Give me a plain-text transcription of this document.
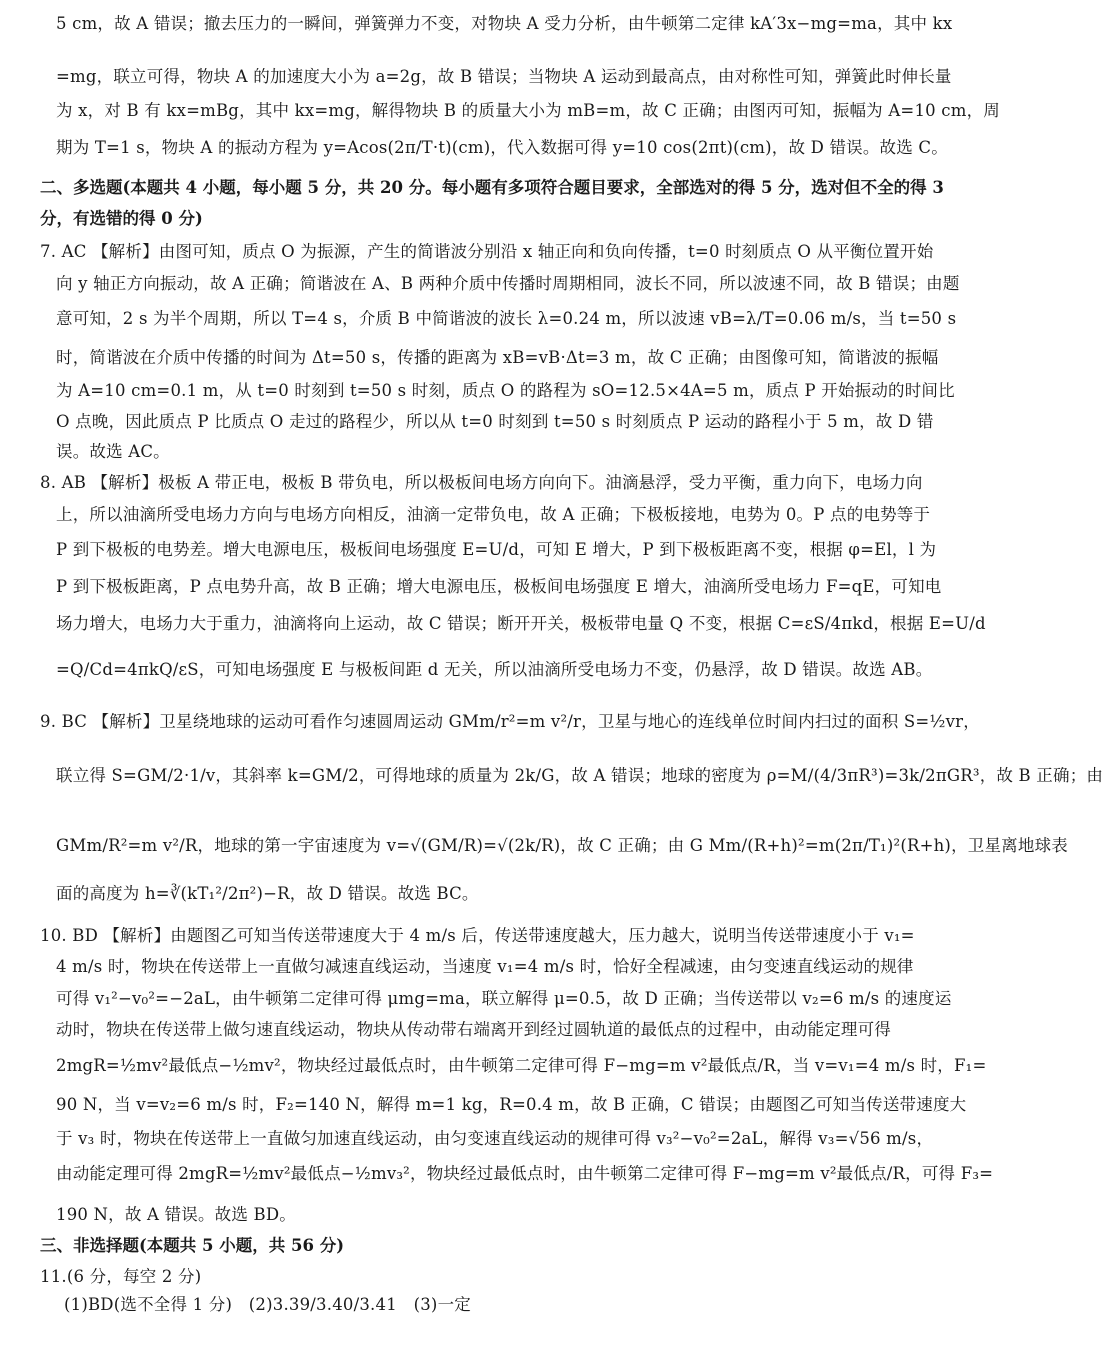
5 cm，故 A 错误；撤去压力的一瞬间，弹簧弹力不变，对物块 A 受力分析，由牛顿第二定律 kA′3x−mg=ma，其中 kx
=mg，联立可得，物块 A 的加速度大小为 a=2g，故 B 错误；当物块 A 运动到最高点，由对称性可知，弹簧此时伸长量
为 x，对 B 有 kx=mBg，其中 kx=mg，解得物块 B 的质量大小为 mB=m，故 C 正确；由图丙可知，振幅为 A=10 cm，周
期为 T=1 s，物块 A 的振动方程为 y=Acos(2π/T·t)(cm)，代入数据可得 y=10 cos(2πt)(cm)，故 D 错误。故选 C。
二、多选题(本题共 4 小题，每小题 5 分，共 20 分。每小题有多项符合题目要求，全部选对的得 5 分，选对但不全的得 3
分，有选错的得 0 分)
7. AC 【解析】由图可知，质点 O 为振源，产生的简谐波分别沿 x 轴正向和负向传播，t=0 时刻质点 O 从平衡位置开始
向 y 轴正方向振动，故 A 正确；简谐波在 A、B 两种介质中传播时周期相同，波长不同，所以波速不同，故 B 错误；由题
意可知，2 s 为半个周期，所以 T=4 s，介质 B 中简谐波的波长 λ=0.24 m，所以波速 vB=λ/T=0.06 m/s，当 t=50 s
时，简谐波在介质中传播的时间为 Δt=50 s，传播的距离为 xB=vB·Δt=3 m，故 C 正确；由图像可知，简谐波的振幅
为 A=10 cm=0.1 m，从 t=0 时刻到 t=50 s 时刻，质点 O 的路程为 sO=12.5×4A=5 m，质点 P 开始振动的时间比
O 点晚，因此质点 P 比质点 O 走过的路程少，所以从 t=0 时刻到 t=50 s 时刻质点 P 运动的路程小于 5 m，故 D 错
误。故选 AC。
8. AB 【解析】极板 A 带正电，极板 B 带负电，所以极板间电场方向向下。油滴悬浮，受力平衡，重力向下，电场力向
上，所以油滴所受电场力方向与电场方向相反，油滴一定带负电，故 A 正确；下极板接地，电势为 0。P 点的电势等于
P 到下极板的电势差。增大电源电压，极板间电场强度 E=U/d，可知 E 增大，P 到下极板距离不变，根据 φ=El，l 为
P 到下极板距离，P 点电势升高，故 B 正确；增大电源电压，极板间电场强度 E 增大，油滴所受电场力 F=qE，可知电
场力增大，电场力大于重力，油滴将向上运动，故 C 错误；断开开关，极板带电量 Q 不变，根据 C=εS/4πkd，根据 E=U/d
=Q/Cd=4πkQ/εS，可知电场强度 E 与极板间距 d 无关，所以油滴所受电场力不变，仍悬浮，故 D 错误。故选 AB。
9. BC 【解析】卫星绕地球的运动可看作匀速圆周运动 GMm/r²=m v²/r，卫星与地心的连线单位时间内扫过的面积 S=½vr，
联立得 S=GM/2·1/v，其斜率 k=GM/2，可得地球的质量为 2k/G，故 A 错误；地球的密度为 ρ=M/(4/3πR³)=3k/2πGR³，故 B 正确；由
GMm/R²=m v²/R，地球的第一宇宙速度为 v=√(GM/R)=√(2k/R)，故 C 正确；由 G Mm/(R+h)²=m(2π/T₁)²(R+h)，卫星离地球表
面的高度为 h=∛(kT₁²/2π²)−R，故 D 错误。故选 BC。
10. BD 【解析】由题图乙可知当传送带速度大于 4 m/s 后，传送带速度越大，压力越大，说明当传送带速度小于 v₁=
4 m/s 时，物块在传送带上一直做匀减速直线运动，当速度 v₁=4 m/s 时，恰好全程减速，由匀变速直线运动的规律
可得 v₁²−v₀²=−2aL，由牛顿第二定律可得 μmg=ma，联立解得 μ=0.5，故 D 正确；当传送带以 v₂=6 m/s 的速度运
动时，物块在传送带上做匀速直线运动，物块从传动带右端离开到经过圆轨道的最低点的过程中，由动能定理可得
2mgR=½mv²最低点−½mv²，物块经过最低点时，由牛顿第二定律可得 F−mg=m v²最低点/R，当 v=v₁=4 m/s 时，F₁=
90 N，当 v=v₂=6 m/s 时，F₂=140 N，解得 m=1 kg，R=0.4 m，故 B 正确，C 错误；由题图乙可知当传送带速度大
于 v₃ 时，物块在传送带上一直做匀加速直线运动，由匀变速直线运动的规律可得 v₃²−v₀²=2aL，解得 v₃=√56 m/s，
由动能定理可得 2mgR=½mv²最低点−½mv₃²，物块经过最低点时，由牛顿第二定律可得 F−mg=m v²最低点/R，可得 F₃=
190 N，故 A 错误。故选 BD。
三、非选择题(本题共 5 小题，共 56 分)
11.(6 分，每空 2 分)
(1)BD(选不全得 1 分)　(2)3.39/3.40/3.41　(3)一定
